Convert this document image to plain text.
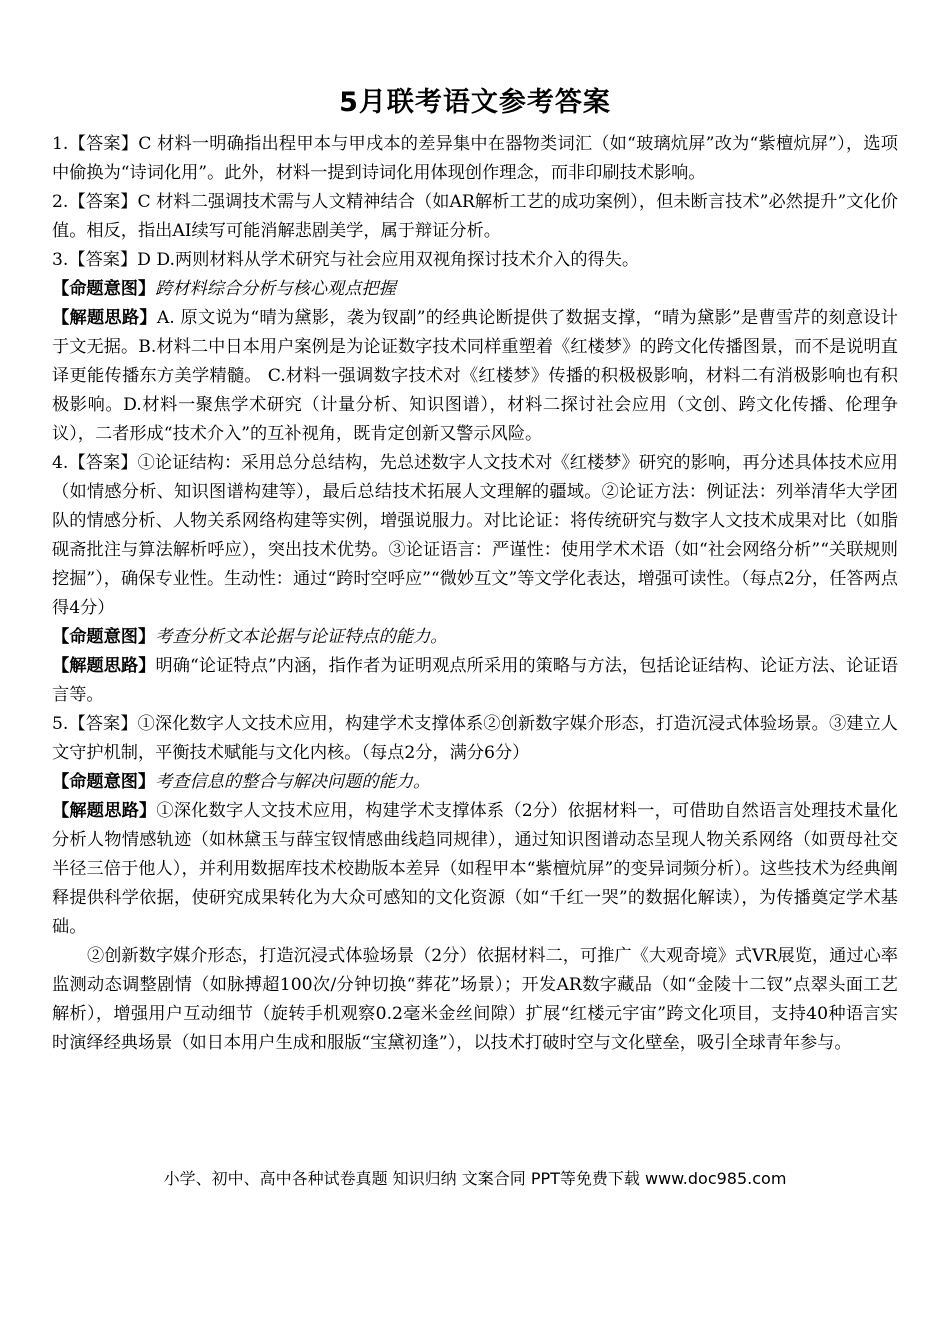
5月联考语文参考答案

1.【答案】C 材料一明确指出程甲本与甲戌本的差异集中在器物类词汇（如“玻璃炕屏”改为“紫檀炕屏”），选项中偷换为“诗词化用”。此外，材料一提到诗词化用体现创作理念，而非印刷技术影响。

2.【答案】C 材料二强调技术需与人文精神结合（如AR解析工艺的成功案例），但未断言技术”必然提升”文化价值。相反，指出AI续写可能消解悲剧美学，属于辩证分析。

3.【答案】D D.两则材料从学术研究与社会应用双视角探讨技术介入的得失。

【命题意图】跨材料综合分析与核心观点把握

【解题思路】A. 原文说为“晴为黛影，袭为钗副”的经典论断提供了数据支撑，“晴为黛影”是曹雪芹的刻意设计于文无据。B.材料二中日本用户案例是为论证数字技术同样重塑着《红楼梦》的跨文化传播图景，而不是说明直译更能传播东方美学精髓。 C.材料一强调数字技术对《红楼梦》传播的积极极影响，材料二有消极影响也有积极影响。D.材料一聚焦学术研究（计量分析、知识图谱），材料二探讨社会应用（文创、跨文化传播、伦理争议），二者形成“技术介入”的互补视角，既肯定创新又警示风险。

4.【答案】①论证结构：采用总分总结构，先总述数字人文技术对《红楼梦》研究的影响，再分述具体技术应用（如情感分析、知识图谱构建等），最后总结技术拓展人文理解的疆域。②论证方法：例证法：列举清华大学团队的情感分析、人物关系网络构建等实例，增强说服力。对比论证：将传统研究与数字人文技术成果对比（如脂砚斋批注与算法解析呼应），突出技术优势。③论证语言：严谨性：使用学术术语（如“社会网络分析”“关联规则挖掘”），确保专业性。生动性：通过“跨时空呼应”“微妙互文”等文学化表达，增强可读性。（每点2分，任答两点得4分）

【命题意图】考查分析文本论据与论证特点的能力。

【解题思路】明确“论证特点”内涵，指作者为证明观点所采用的策略与方法，包括论证结构、论证方法、论证语言等。

5.【答案】①深化数字人文技术应用，构建学术支撑体系②创新数字媒介形态，打造沉浸式体验场景。③建立人文守护机制，平衡技术赋能与文化内核。（每点2分，满分6分）

【命题意图】考查信息的整合与解决问题的能力。

【解题思路】①深化数字人文技术应用，构建学术支撑体系（2分）依据材料一，可借助自然语言处理技术量化分析人物情感轨迹（如林黛玉与薛宝钗情感曲线趋同规律），通过知识图谱动态呈现人物关系网络（如贾母社交半径三倍于他人），并利用数据库技术校勘版本差异（如程甲本“紫檀炕屏”的变异词频分析）。这些技术为经典阐释提供科学依据，使研究成果转化为大众可感知的文化资源（如“千红一哭”的数据化解读），为传播奠定学术基础。

②创新数字媒介形态，打造沉浸式体验场景（2分）依据材料二，可推广《大观奇境》式VR展览，通过心率监测动态调整剧情（如脉搏超100次/分钟切换“葬花”场景）；开发AR数字藏品（如“金陵十二钗”点翠头面工艺解析），增强用户互动细节（旋转手机观察0.2毫米金丝间隙）扩展“红楼元宇宙”跨文化项目，支持40种语言实时演绎经典场景（如日本用户生成和服版“宝黛初逢”），以技术打破时空与文化壁垒，吸引全球青年参与。

小学、初中、高中各种试卷真题 知识归纳 文案合同 PPT等免费下载 www.doc985.com
